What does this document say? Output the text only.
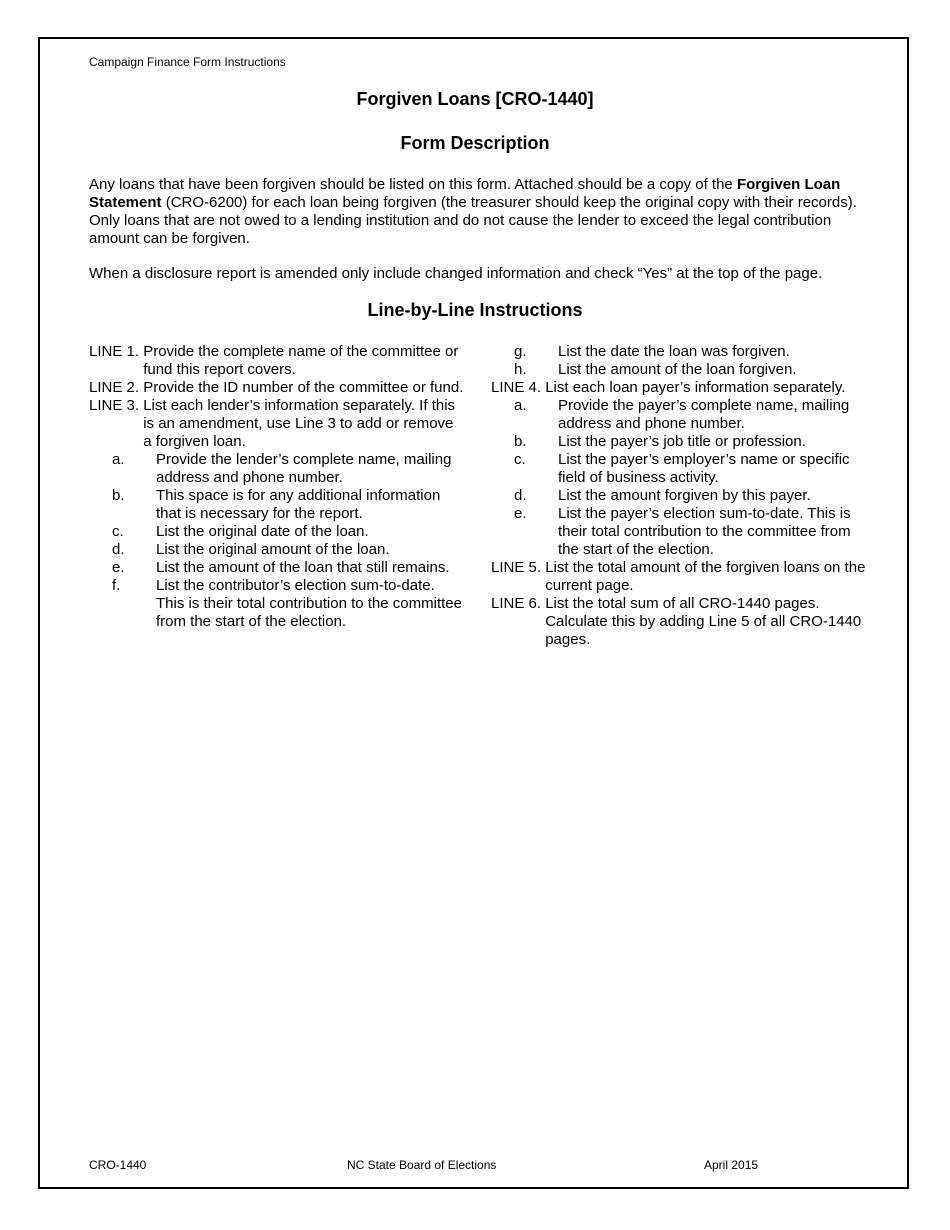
Campaign Finance Form Instructions
Forgiven Loans [CRO-1440]
Form Description
Any loans that have been forgiven should be listed on this form. Attached should be a copy of the Forgiven Loan Statement (CRO-6200) for each loan being forgiven (the treasurer should keep the original copy with their records). Only loans that are not owed to a lending institution and do not cause the lender to exceed the legal contribution amount can be forgiven.
When a disclosure report is amended only include changed information and check “Yes” at the top of the page.
Line-by-Line Instructions
LINE 1. Provide the complete name of the committee or fund this report covers.
LINE 2. Provide the ID number of the committee or fund.
LINE 3. List each lender’s information separately. If this is an amendment, use Line 3 to add or remove a forgiven loan.
a.	Provide the lender’s complete name, mailing address and phone number.
b.	This space is for any additional information that is necessary for the report.
c.	List the original date of the loan.
d.	List the original amount of the loan.
e.	List the amount of the loan that still remains.
f.	List the contributor’s election sum-to-date. This is their total contribution to the committee from the start of the election.
g.	List the date the loan was forgiven.
h.	List the amount of the loan forgiven.
LINE 4. List each loan payer’s information separately.
a.	Provide the payer’s complete name, mailing address and phone number.
b.	List the payer’s job title or profession.
c.	List the payer’s employer’s name or specific field of business activity.
d.	List the amount forgiven by this payer.
e.	List the payer’s election sum-to-date. This is their total contribution to the committee from the start of the election.
LINE 5. List the total amount of the forgiven loans on the current page.
LINE 6. List the total sum of all CRO-1440 pages. Calculate this by adding Line 5 of all CRO-1440 pages.
CRO-1440	NC State Board of Elections	April 2015
